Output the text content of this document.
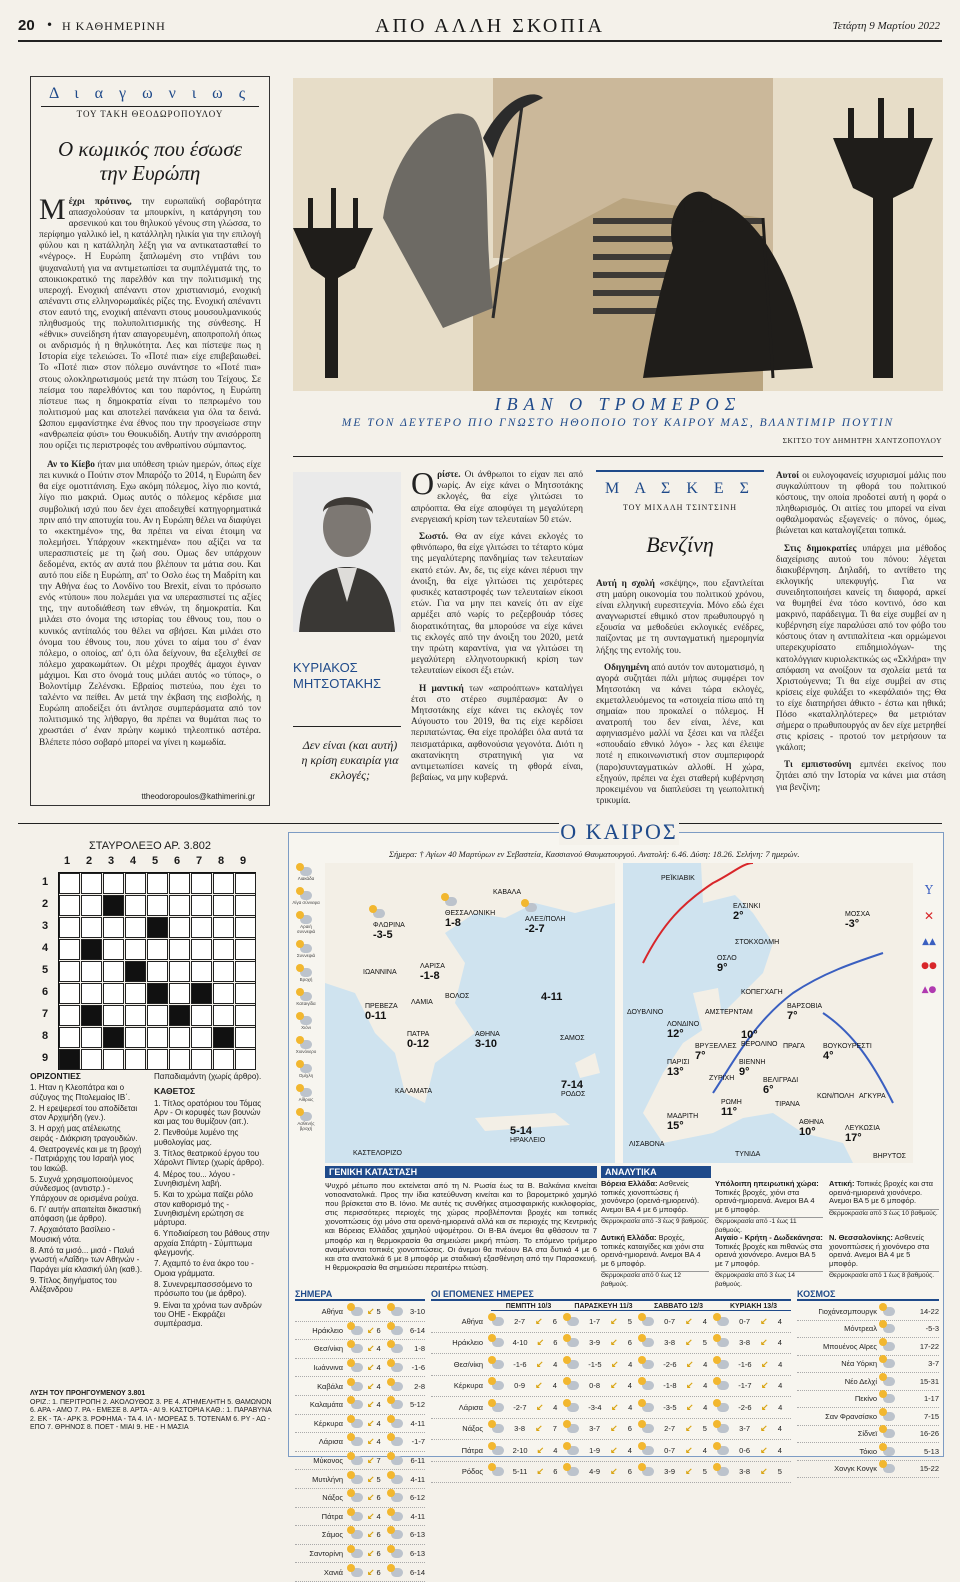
20 • Η ΚΑΘΗΜΕΡΙΝΗ	ΑΠΟ ΑΛΛΗ ΣΚΟΠΙΑ	Τετάρτη 9 Μαρτίου 2022
Δ ι α γ ω ν ι ω ς
ΤΟΥ ΤΑΚΗ ΘΕΟΔΩΡΟΠΟΥΛΟΥ
Ο κωμικός που έσωσε την Ευρώπη

Μέχρι πρότινος, την ευρωπαϊκή σοβαρότητα απασχολούσαν τα μπουρκίνι, η κατάργηση του αρσενικού και του θηλυκού γένους στη γλώσσα, το περίφημο γαλλικό iel, η κατάλληλη ηλικία για την επιλογή φύλου και η κατάλληλη λέξη για να αντικατασταθεί το «νέγρος». Η Ευρώπη ξαπλωμένη στο ντιβάνι του ψυχαναλυτή για να αντιμετωπίσει τα συμπλέγματά της, το αποικιοκρατικό της παρελθόν και την πολιτισμική της υπεροχή. Ενοχική απέναντι στον χριστιανισμό, ενοχική απέναντι στις ελληνορωμαϊκές ρίζες της. Ενοχική απέναντι στον εαυτό της, ενοχική απέναντι στους μουσουλμανικούς πληθυσμούς της πολυπολιτισμικής της σύνθεσης. Η «έθνικ» συνείδηση ήταν απαγορευμένη, αποπροπολή όπως οι ανδρισμός ή η θηλυκότητα. Λες και πίστεψε πως η Ιστορία είχε τελειώσει. Το «Ποτέ πια» είχε επιβεβαιωθεί. Το «Ποτέ πια» στον πόλεμο συνάντησε το «Ποτέ πια» στους ολοκληρωτισμούς μετά την πτώση του Τείχους. Σε πείσμα του παρελθόντος και του παρόντος, η Ευρώπη πίστευε πως η δημοκρατία είναι το πεπρωμένο του πολιτισμού μας και αποτελεί πανάκεια για όλα τα δεινά. Ωσπου εμφανίστηκε ένα έθνος που την προσγείωσε στην «ανθρωπεία φύσι» του Θουκυδίδη. Αυτήν την ανισόρροπη που ορίζει τις περιστροφές του ανθρωπίνου σύμπαντος.

Αν το Κίεβο ήταν μια υπόθεση τριών ημερών, όπως είχε πει κυνικά ο Πούτιν στον Μπαρόζο το 2014, η Ευρώπη δεν θα είχε ομοτιτάνιση. Εχω ακόμη πόλεμος, λίγο πιο κοντά, λίγο πιο μακριά. Ομως αυτός ο πόλεμος κέρδισε μια συμβολική ισχύ που δεν έχει αποδειχθεί κατηγορηματικά πριν από την αποτυχία του. Αν η Ευρώπη θέλει να διαφύγει το «κεκτημένο» της, θα πρέπει να είναι έτοιμη να πολεμήσει. Υπάρχουν «κεκτημένα» που αξίζει να τα υπερασπιστείς με τη ζωή σου. Ομως δεν υπάρχουν δεδομένα, εκτός αν αυτά που βλέπουν τα μάτια σου. Και αυτό που είδε η Ευρώπη, απ' το Οσλο έως τη Μαδρίτη και την Αθήνα έως το Λονδίνο του Brexit, είναι το πρόσωπο ενός «τύπου» που πολεμάει για να υπερασπιστεί τις αξίες της, την αυτοδιάθεση των εθνών, τη δημοκρατία. Και μιλάει στο όνομα της ιστορίας του έθνους του, που ο κυνικός αντίπαλός του θέλει να σβήσει. Και μιλάει στο όνομα του έθνους του, που χύνει το αίμα του σ' έναν πόλεμο, ο οποίος, απ' ό,τι όλα δείχνουν, θα εξελιχθεί σε πόλεμο χαρακωμάτων. Οι μέχρι προχθές άμαχοι έγιναν μάχιμοι. Και στο όνομά τους μιλάει αυτός «ο τύπος», ο Βολοντίμιρ Ζελένσκι. Εβραίος πιστεύω, που έχει το ταλέντο να πείθει. Αν μετά την έκβαση της εισβολής, η Ευρώπη αποδείξει ότι άντλησε συμπεράσματα από τον πολιτισμικό της λήθαργο, θα πρέπει να θυμάται πως το χρωστάει σ' έναν πρώην κωμικό τηλεοπτικό αστέρα. Βλέπετε πόσο σοβαρό μπορεί να γίνει η κωμωδία.

ttheodoropoulos@kathimerini.gr
ΙΒΑΝ Ο ΤΡΟΜΕΡΟΣ
ΜΕ ΤΟΝ ΔΕΥΤΕΡΟ ΠΙΟ ΓΝΩΣΤΟ ΗΘΟΠΟΙΟ ΤΟΥ ΚΑΙΡΟΥ ΜΑΣ, ΒΛΑΝΤΙΜΙΡ ΠΟΥΤΙΝ
ΣΚΙΤΣΟ ΤΟΥ ΔΗΜΗΤΡΗ ΧΑΝΤΖΟΠΟΥΛΟΥ
ΚΥΡΙΑΚΟΣ
ΜΗΤΣΟΤΑΚΗΣ
Δεν είναι (και αυτή) η κρίση ευκαιρία για εκλογές;

Ορίστε. Οι άνθρωποι το είχαν πει από νωρίς. Αν είχε κάνει ο Μητσοτάκης εκλογές, θα είχε γλιτώσει το απρόοπτα. Θα είχε αποφύγει τη μεγαλύτερη ενεργειακή κρίση των τελευταίων 50 ετών.

Σωστό. Θα αν είχε κάνει εκλογές το φθινόπωρο, θα είχε γλιτώσει το τέταρτο κύμα της μεγαλύτερης πανδημίας των τελευταίων εκατό ετών. Αν, δε, τις είχε κάνει πέρυσι την άνοιξη, θα είχε γλιτώσει τις χειρότερες φυσικές καταστροφές των τελευταίων είκοσι ετών. Για να μην πει κανείς ότι αν είχε αρμέξει από νωρίς το ρεζερβουάρ τόσες διορατικότητας, θα μπορούσε να είχε κάνει τις εκλογές από την άνοιξη του 2020, μετά την πρώτη καραντίνα, για να γλιτώσει τη μεγαλύτερη ελληνοτουρκική κρίση των τελευταίων είκοσι έξι ετών.

Η μαντική των «απροόπτων» καταλήγει έτσι στο στέρεο συμπέρασμα: Αν ο Μητσοτάκης είχε κάνει τις εκλογές τον Αύγουστο του 2019, θα τις είχε κερδίσει περιπατώντας. Θα είχε προλάβει όλα αυτά τα πεισματάρικα, αφθονούσια γεγονότα. Διότι η ακατανίκητη στρατηγική για να αντιμετωπίσει κανείς τη φθορά είναι, βεβαίως, να μην κυβερνά.

Μ Α Σ Κ Ε Σ
ΤΟΥ ΜΙΧΑΛΗ ΤΣΙΝΤΣΙΝΗ
Βενζίνη

Αυτή η σχολή «σκέψης», που εξαντλείται στη μαύρη οικονομία του πολιτικού χρόνου, είναι ελληνική ευρεσιτεχνία. Μόνο εδώ έχει αναγνωριστεί εθιμικό στον πρωθυπουργό η εξουσία να μεθοδεύει εκλογικές ενέδρες, παίζοντας με τη συνταγματική ημερομηνία λήξης της εντολής του.

Οδηγημένη από αυτόν τον αυτοματισμό, η αγορά συζητάει πάλι μήπως συμφέρει τον Μητσοτάκη να κάνει τώρα εκλογές, εκμεταλλευόμενος τα «στοιχεία πίσω από τη σημαία» που προκαλεί ο πόλεμος. Η ανατροπή του δεν είναι, λένε, και αφηνιασμένο μαλλί να ξέσει και να πλέξει «σπουδαίο εθνικό λόγο» - λες και έλειψε ποτέ η επικοινωνιστική στον συμπεριφορά (παρο)συνταγματικών αλλοθί. Η χώρα, εξηγούν, πρέπει να έχει σταθερή κυβέρνηση προκειμένου να διαπλεύσει τη γεωπολιτική τρικυμία.

Αυτοί οι ευλογοφανείς ισχυρισμοί μάλις που συγκαλύπτουν τη φθορά του πολιτικού κόστους, την οποία προδοτεί αυτή η φορά ο πληθωρισμός. Οι αιτίες του μπορεί να είναι οφθαλμοφανώς εξωγενείς· ο πόνος, όμως, βιώνεται και καταλογίζεται τοπικά.

Στις δημοκρατίες υπάρχει μια μέθοδος διαχείρισης αυτού του πόνου: λέγεται διακυβέρνηση. Δηλαδή, το αντίθετο της εκλογικής υπεκφυγής. Για να συνειδητοποιήσει κανείς τη διαφορά, αρκεί να θυμηθεί ένα τόσο κοντινό, όσο και μακρινό, παράδειγμα. Τι θα είχε συμβεί αν η κυβέρνηση είχε παραλύσει από τον φόβο του κόστους όταν η αντιπαλίτεια -και ορμώμενοι υπερεκχυρίσατο επιδημιολόγων- της κατολόγγιαν κυριολεκτικώς ως «Σκλήρα» την απόφαση να ανοίξουν τα σχολεία μετά τα Χριστούγεννα; Τι θα είχε συμβεί αν στις κρίσεις είχε φυλάξει το «κεφάλαιό» της; Θα το είχε διατηρήσει άθικτο - έστω και ηθικά; Πόσο «καταλληλότερες» θα μετριόταν σήμερα ο πρωθυπουργός αν δεν είχε μετρηθεί στις κρίσεις - προτού τον μετρήσουν τα γκάλοπ;

Τι εμπιστοσύνη εμπνέει εκείνος που ζητάει από την Ιστορία να κάνει μια στάση για βενζίνη;

ΣΤΑΥΡΟΛΕΞΟ ΑΡ. 3.802
1 2 3 4 5 6 7 8 9
1
2
3
4
5
6
7
8
9
ΟΡΙΖΟΝΤΙΕΣ
1. Ηταν η Κλεοπάτρα και ο σύζυγος της Πτολεμαίος ΙΒ΄.
2. Η ερεψερεσί του αποδίδεται στον Αρχιμήδη (γεν.).
3. Η αρχή μας ατέλειωτης σειράς - Διάκριση τραγουδιών.
4. Θεατρογενές και με τη βροχή - Πατριάρχης του Ισραήλ γιος του Ιακώβ.
5. Συχνά χρησιμοποιούμενος σύνδεσμος (αντιστρ.) - Υπάρχουν σε ορισμένα ρούχα.
6. Γι' αυτήν απαιτείται δικαστική απόφαση (με άρθρο).
7. Αρχαιότατο βασίλειο - Μουσική νότα.
8. Από τα μισό... μισά - Παλιά γνωστή «Λαΐδη» των Αθηνών - Παράγει μία κλασική ύλη (καθ.).
9. Τίτλος διηγήματος του Αλέξανδρου
Παπαδιαμάντη (χωρίς άρθρο).
ΚΑΘΕΤΟΣ
1. Τίτλος ορατόριου του Τόμας Αρν - Οι κορυφές των βουνών και μας του θυμίζουν (αιτ.).
2. Πενθούμε λυμένο της μυθολογίας μας.
3. Τίτλος θεατρικού έργου του Χάρολντ Πίντερ (χωρίς άρθρο).
4. Μέρος του... λόγου - Συνηθισμένη λαβή.
5. Και το χρώμα παίζει ρόλο στον καθορισμό της - Συνηθισμένη ερώτηση σε μάρτυρα.
6. Υποδιαίρεση του βάθους στην αρχαία Σπάρτη - Σύμπτωμα φλεγμονής.
7. Αχαμπό το ένα άκρο του - Ομοια γράμματα.
8. Συνενρεμπασσσόμενο το πρόσωπο του (με άρθρο).
9. Είναι τα χρόνια των ανδρών του ΟΗΕ - Εκφράζει συμπέρασμα.
ΛΥΣΗ ΤΟΥ ΠΡΟΗΓΟΥΜΕΝΟΥ 3.801
ΟΡΙΖ.: 1. ΠΕΡΙΤΡΟΠΗ 2. ΑΚΟΛΟΥΘΟΣ 3. ΡΕ 4. ΑΤΗΜΕΛΗΤΗ 5. ΘΑΜΩΝΟΝ 6. ΑΡΑ - ΑΜΟ 7. ΡΑ - ΕΜΕΣΕ 8. ΑΡΤΑ - ΑΙ 9. ΚΑΣΤΟΡΙΑ ΚΑΘ.: 1. ΠΑΡΑΒΥΝΑ 2. ΕΚ - ΤΑ - ΑΡΚ 3. ΡΟΦΗΜΑ - ΤΑ 4. ΙΛ - ΜΟΡΕΑΣ 5. ΤΟΤΕΝΑΜ 6. ΡΥ - ΑΩ - ΕΠΟ 7. ΘΡΗΝΟΣ 8. ΠΟΕΤ - ΜΙΑΙ 9. ΗΕ - Η ΜΑΣΙΑ
Ο ΚΑΙΡΟΣ
Σήμερα: † Αγίων 40 Μαρτύρων εν Σεβαστεία, Κασσιανού Θαυματουργού. Ανατολή: 6.46. Δύση: 18.26. Σελήνη: 7 ημερών.
Λιακάδα
Λίγα σύννεφα
Αραιή συννεφιά
Συννεφιά
Βροχή
Καταιγίδα
Χιόνι
Χιονόνερο
Ομίχλη
Αίθριος
Ασθενής βροχή
ΦΛΩΡΙΝΑ
-3-5
ΘΕΣΣΑΛΟΝΙΚΗ
1-8	ΑΛΕΞ/ΠΟΛΗ
-2-7
ΚΑΒΑΛΑ
ΙΩΑΝΝΙΝΑ
ΛΑΡΙΣΑ
-1-8
ΒΟΛΟΣ
ΛΑΜΙΑ
ΠΡΕΒΕΖΑ
0-11
ΠΑΤΡΑ
0-12
ΑΘΗΝΑ
3-10	ΣΑΜΟΣ
ΚΑΛΑΜΑΤΑ
7-14
ΡΟΔΟΣ
ΚΑΣΤΕΛΟΡΙΖΟ
5-14
ΗΡΑΚΛΕΙΟ
4-11
ΡΕΪΚΙΑΒΙΚ
ΕΛΣΙΝΚΙ
2°
ΣΤΟΚΧΟΛΜΗ
ΟΣΛΟ
9°
ΜΟΣΧΑ
-3°
ΚΟΠΕΓΧΑΓΗ
ΔΟΥΒΛΙΝΟ	ΑΜΣΤΕΡΝΤΑΜ
ΛΟΝΔΙΝΟ
12°
ΒΡΥΞΕΛΛΕΣ
7°
10°
ΒΕΡΟΛΙΝΟ
ΒΑΡΣΟΒΙΑ
7°
ΠΑΡΙΣΙ
13°
ΒΙΕΝΝΗ
9°
ΠΡΑΓΑ	ΒΟΥΚΟΥΡΕΣΤΙ
4°
ΖΥΡΙΧΗ	ΒΕΛΙΓΡΑΔΙ
6°
ΜΑΔΡΙΤΗ
15°
ΡΩΜΗ
11°
ΤΙΡΑΝΑ
ΚΩΝ/ΠΟΛΗ ΑΓΚΥΡΑ
ΑΘΗΝΑ
10°	ΛΕΥΚΩΣΙΑ
17°
ΛΙΣΑΒΟΝΑ
ΤΥΝΙΔΑ	ΒΗΡΥΤΟΣ
Y
✕
▲▲
●●
▲●
ΓΕΝΙΚΗ ΚΑΤΑΣΤΑΣΗ
Ψυχρό μέτωπο που εκτείνεται από τη Ν. Ρωσία έως τα Β. Βαλκάνια κινείται νοτιοανατολικά. Προς την ίδια κατεύθυνση κινείται και το βαρομετρικό χαμηλό που βρίσκεται στο Β. Ιόνιο. Με αυτές τις συνθήκες ατμοσφαιρικής κυκλοφορίας, στις περισσότερες περιοχές της χώρας προβλέπονται βροχές και τοπικές χιονοπτώσεις όχι μόνο στα ορεινά-ημιορεινά αλλά και σε περιοχές της Κεντρικής και Βόρειας Ελλάδας χαμηλού υψομέτρου. Οι Β-ΒΑ άνεμοι θα φθάσουν τα 7 μποφόρ και η θερμοκρασία θα σημειώσει μικρή πτώση. Το επόμενο τριήμερο αναμένονται τοπικές χιονοπτώσεις. Οι άνεμοι θα πνέουν ΒΑ στα δυτικά 4 με 6 και στα ανατολικά 6 με 8 μποφόρ με σταδιακή εξασθένηση από την Παρασκευή. Η θερμοκρασία θα σημειώσει περαιτέρω πτώση.
ΑΝΑΛΥΤΙΚΑ
Βόρεια Ελλάδα: Ασθενείς τοπικές χιονοπτώσεις ή χιονόνερο (ορεινά-ημιορεινά). Ανεμοι ΒΑ 4 με 6 μποφόρ.
Θερμοκρασία από -3 έως 9 βαθμούς.
Υπόλοιπη ηπειρωτική χώρα: Τοπικές βροχές, χιόνι στα ορεινά-ημιορεινά. Ανεμοι ΒΑ 4 με 6 μποφόρ.
Θερμοκρασία από -1 έως 11 βαθμούς.
Αττική: Τοπικές βροχές και στα ορεινά-ημιορεινά χιονόνερο. Ανεμοι ΒΑ 5 με 6 μποφόρ.
Θερμοκρασία από 3 έως 10 βαθμούς.
Δυτική Ελλάδα: Βροχές, τοπικές καταιγίδες και χιόνι στα ορεινά-ημιορεινά. Ανεμοι ΒΑ 4 με 6 μποφόρ.
Θερμοκρασία από 0 έως 12 βαθμούς.
Αιγαίο - Κρήτη - Δωδεκάνησα: Τοπικές βροχές και πιθανώς στα ορεινά χιονόνερο. Ανεμοι ΒΑ 5 με 7 μποφόρ.
Θερμοκρασία από 3 έως 14 βαθμούς.
Ν. Θεσσαλονίκης: Ασθενείς χιονοπτώσεις ή χιονόνερο στα ορεινά. Ανεμοι ΒΑ 4 με 5 μποφόρ.
Θερμοκρασία από 1 έως 8 βαθμούς.
ΣΗΜΕΡΑ
Αθήνα	↙ 5	3-10
Ηράκλειο	↙ 6	6-14
Θεσ/νίκη	↙ 4	1-8
Ιωάννινα	↙ 4	-1-6
Καβάλα	↙ 4	2-8
Καλαμάτα	↙ 4	5-12
Κέρκυρα	↙ 4	4-11
Λάρισα	↙ 4	-1-7
Μύκονος	↙ 7	6-11
Μυτιλήνη	↙ 5	4-11
Νάξος	↙ 6	6-12
Πάτρα	↙ 4	4-11
Σάμος	↙ 6	6-13
Σαντορίνη	↙ 6	6-13
Χανιά	↙ 6	6-14
ΟΙ ΕΠΟΜΕΝΕΣ ΗΜΕΡΕΣ
ΠΕΜΠΤΗ 10/3	ΠΑΡΑΣΚΕΥΗ 11/3	ΣΑΒΒΑΤΟ 12/3	ΚΥΡΙΑΚΗ 13/3
Αθήνα	2-7 ↙ 6	1-7 ↙ 5	0-7 ↙ 4	0-7 ↙ 4
Ηράκλειο	4-10 ↙ 6	3-9 ↙ 6	3-8 ↙ 5	3-8 ↙ 4
Θεσ/νίκη	-1-6 ↙ 4	-1-5 ↙ 4	-2-6 ↙ 4	-1-6 ↙ 4
Κέρκυρα	0-9 ↙ 4	0-8 ↙ 4	-1-8 ↙ 4	-1-7 ↙ 4
Λάρισα	-2-7 ↙ 4	-3-4 ↙ 4	-3-5 ↙ 4	-2-6 ↙ 4
Νάξος	3-8 ↙ 7	3-7 ↙ 6	2-7 ↙ 5	3-7 ↙ 4
Πάτρα	2-10 ↙ 4	1-9 ↙ 4	0-7 ↙ 4	0-6 ↙ 4
Ρόδος	5-11 ↙ 6	4-9 ↙ 6	3-9 ↙ 5	3-8 ↙ 5
ΚΟΣΜΟΣ
Γιοχάνεσμπουργκ	14-22
Μόντρεαλ	-5-3
Μπουένος Αϊρες	17-22
Νέα Υόρκη	3-7
Νέο Δελχί	15-31
Πεκίνο	1-17
Σαν Φρανσίσκο	7-15
Σίδνεϊ	16-26
Τόκιο	5-13
Χονγκ Κονγκ	15-22
